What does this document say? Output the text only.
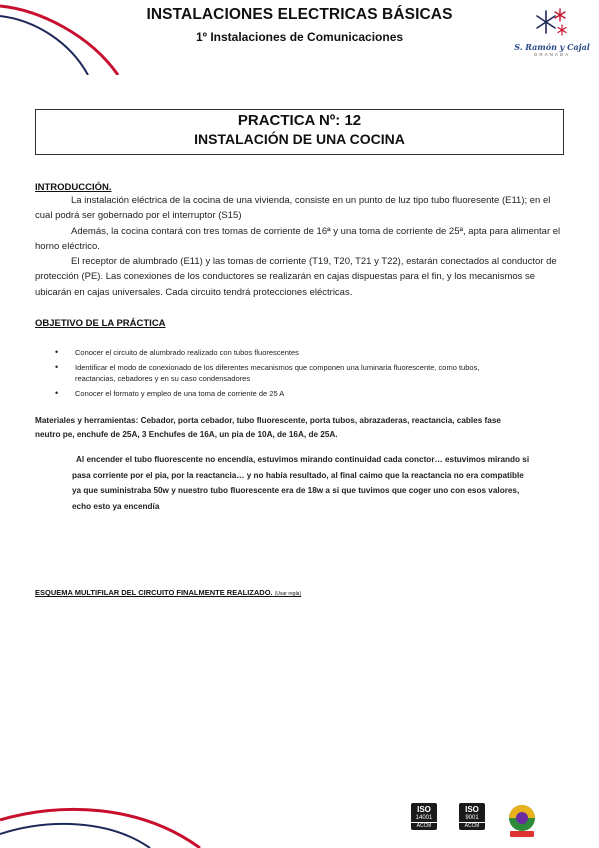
INSTALACIONES ELECTRICAS BÁSICAS
1º Instalaciones de Comunicaciones
S. Ramón y Cajal
GRANADA
PRACTICA Nº: 12
INSTALACIÓN DE UNA COCINA
INTRODUCCIÓN.
La instalación eléctrica de la cocina de una vivienda, consiste en un punto de luz tipo tubo fluoresente (E11); en el cual podrá ser gobernado por el interruptor (S15)
Además, la cocina contará con tres tomas de corriente de 16ª y una toma de corriente de 25ª, apta para alimentar el horno eléctrico.
El receptor de alumbrado (E11) y las tomas de corriente (T19, T20, T21 y T22), estarán conectados al conductor de protección (PE). Las conexiones de los conductores se realizarán en cajas dispuestas para el fin, y los mecanismos se ubicarán en cajas universales. Cada circuito tendrá protecciones eléctricas.
OBJETIVO DE LA PRÁCTICA
• Conocer el circuito de alumbrado realizado con tubos fluorescentes
• Identificar el modo de conexionado de los diferentes mecanismos que componen una luminaria fluorescente, como tubos, reactancias, cebadores y en su caso condensadores
• Conocer el formato y empleo de una toma de corriente de 25 A
Materiales y herramientas: Cebador, porta cebador, tubo fluorescente, porta tubos, abrazaderas, reactancia, cables fase neutro pe, enchufe de 25A, 3 Enchufes de 16A, un pia de 10A, de 16A, de 25A.
Al encender el tubo fluorescente no encendía, estuvimos mirando continuidad cada conctor… estuvimos mirando si pasa corriente por el pia, por la reactancia… y no había resultado, al final caimo que la reactancia no era compatible ya que suministraba 50w y nuestro tubo fluorescente era de 18w a si que tuvimos que coger uno con esos valores, echo esto ya encendía
ESQUEMA MULTIFILAR DEL CIRCUITO FINALMENTE REALIZADO. (Usar regla)
ISO
14001
ACCM
ISO
9001
ACCM
